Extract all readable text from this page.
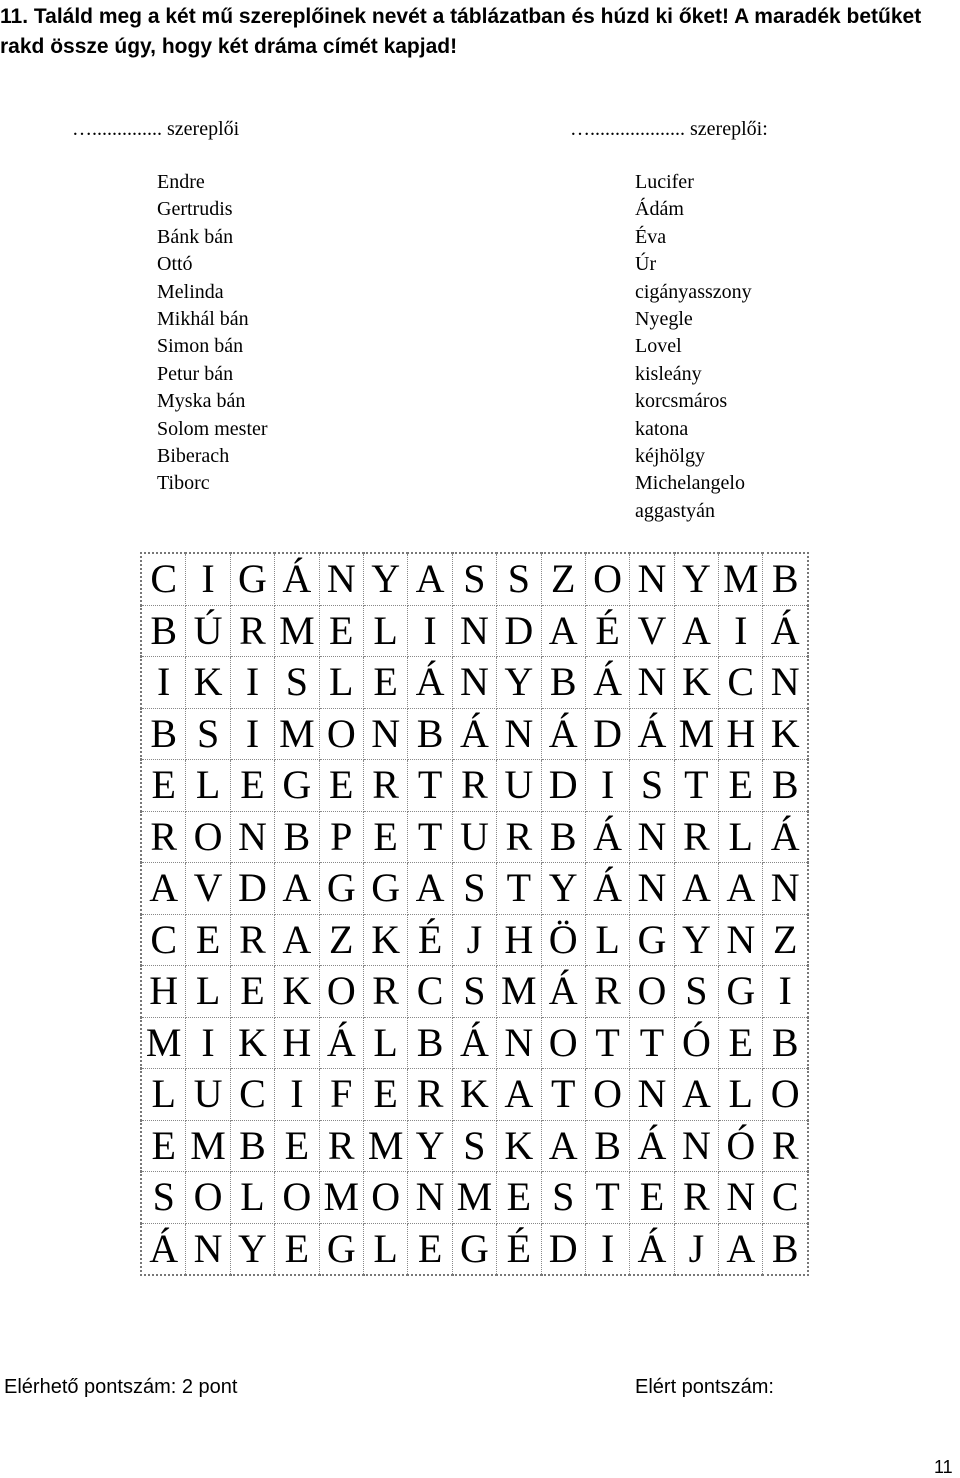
11. Találd meg a két mű szereplőinek nevét a táblázatban és húzd ki őket! A maradék betűket rakd össze úgy, hogy két dráma címét kapjad!
….............. szereplői	…................... szereplői:
Endre
Gertrudis
Bánk bán
Ottó
Melinda
Mikhál bán
Simon bán
Petur bán
Myska bán
Solom mester
Biberach
Tiborc
Lucifer
Ádám
Éva
Úr
cigányasszony
Nyegle
Lovel
kisleány
korcsmáros
katona
kéjhölgy
Michelangelo
aggastyán
C	I	G	Á	N	Y	A	S	S	Z	O	N	Y	M	B
B	Ú	R	M	E	L	I	N	D	A	É	V	A	I	Á
I	K	I	S	L	E	Á	N	Y	B	Á	N	K	C	N
B	S	I	M	O	N	B	Á	N	Á	D	Á	M	H	K
E	L	E	G	E	R	T	R	U	D	I	S	T	E	B
R	O	N	B	P	E	T	U	R	B	Á	N	R	L	Á
A	V	D	A	G	G	A	S	T	Y	Á	N	A	A	N
C	E	R	A	Z	K	É	J	H	Ö	L	G	Y	N	Z
H	L	E	K	O	R	C	S	M	Á	R	O	S	G	I
M	I	K	H	Á	L	B	Á	N	O	T	T	Ó	E	B
L	U	C	I	F	E	R	K	A	T	O	N	A	L	O
E	M	B	E	R	M	Y	S	K	A	B	Á	N	Ó	R
S	O	L	O	M	O	N	M	E	S	T	E	R	N	C
Á	N	Y	E	G	L	E	G	É	D	I	Á	J	A	B
Elérhető pontszám: 2 pont	Elért pontszám:
11
